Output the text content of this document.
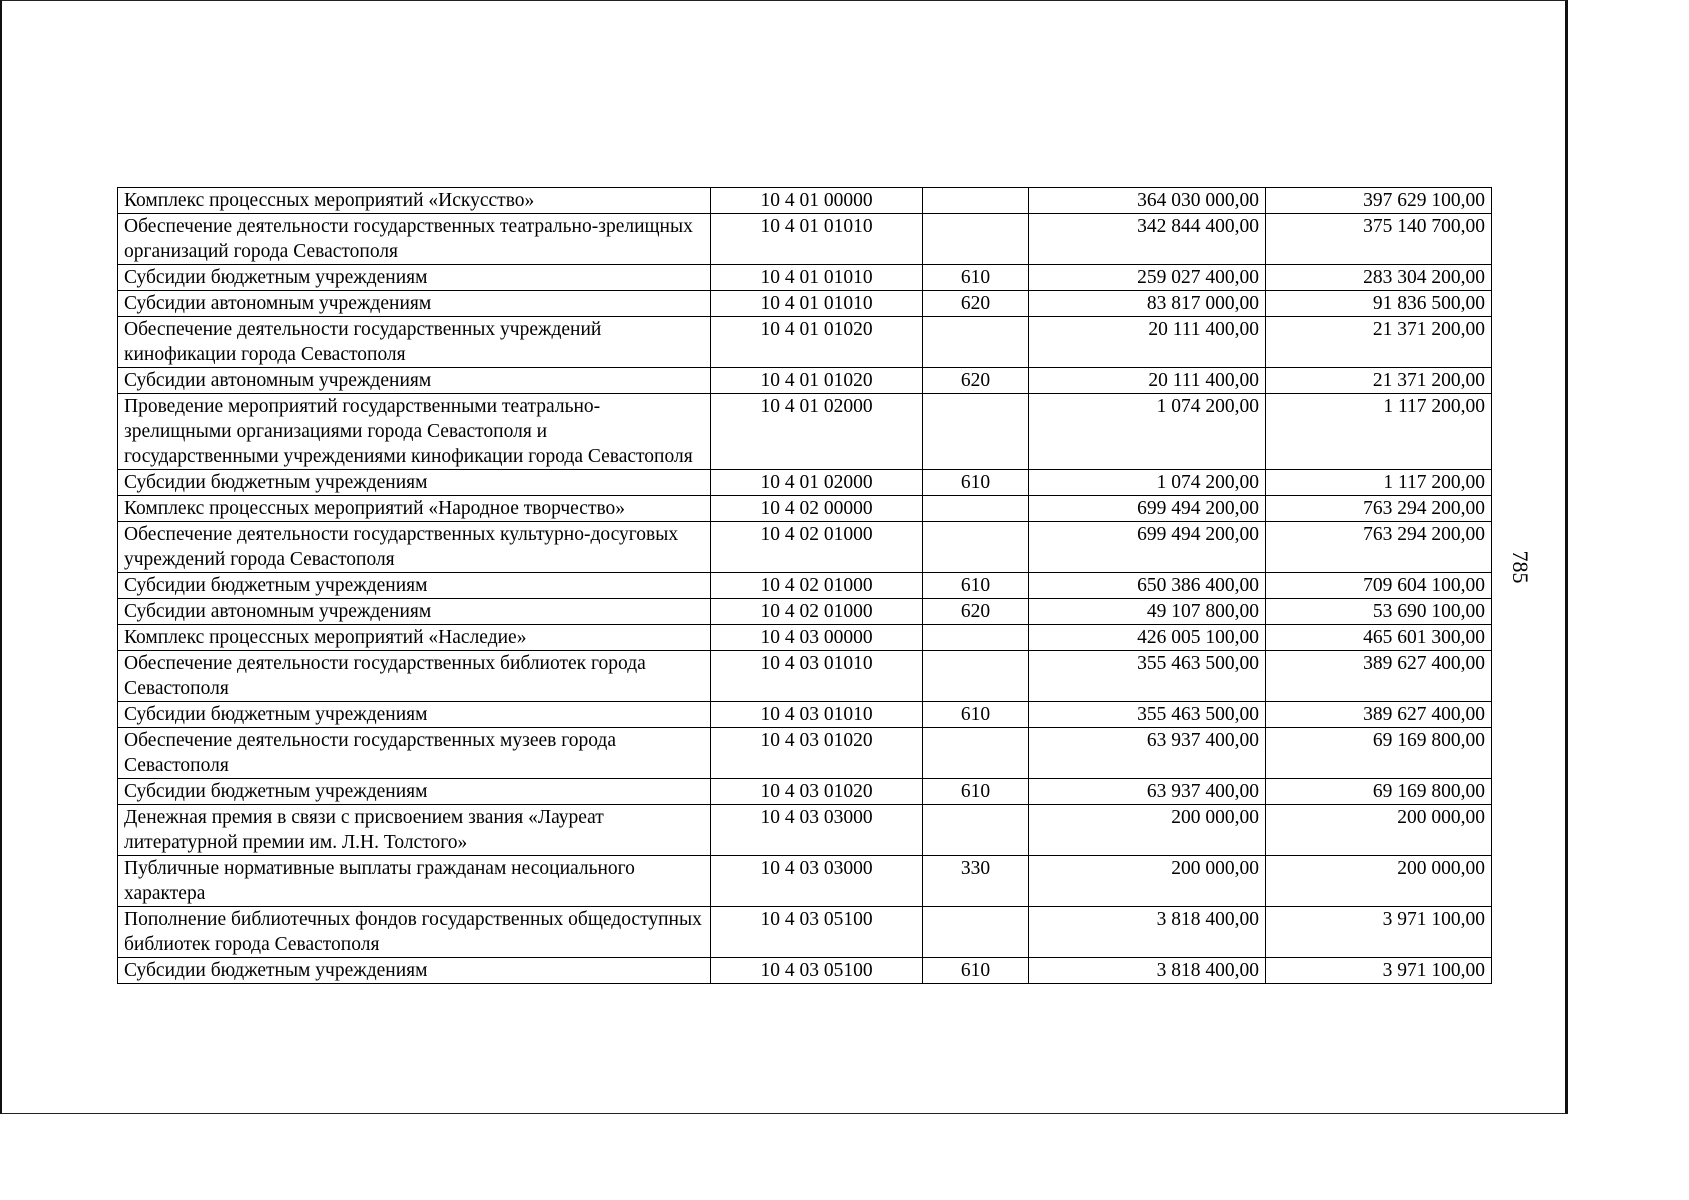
Комплекс процессных мероприятий «Искусство»	10 4 01 00000		364 030 000,00	397 629 100,00
Обеспечение деятельности государственных театрально-зрелищных организаций города Севастополя	10 4 01 01010		342 844 400,00	375 140 700,00
Субсидии бюджетным учреждениям	10 4 01 01010	610	259 027 400,00	283 304 200,00
Субсидии автономным учреждениям	10 4 01 01010	620	83 817 000,00	91 836 500,00
Обеспечение деятельности государственных учреждений кинофикации города Севастополя	10 4 01 01020		20 111 400,00	21 371 200,00
Субсидии автономным учреждениям	10 4 01 01020	620	20 111 400,00	21 371 200,00
Проведение мероприятий государственными театрально-зрелищными организациями города Севастополя и государственными учреждениями кинофикации города Севастополя	10 4 01 02000		1 074 200,00	1 117 200,00
Субсидии бюджетным учреждениям	10 4 01 02000	610	1 074 200,00	1 117 200,00
Комплекс процессных мероприятий «Народное творчество»	10 4 02 00000		699 494 200,00	763 294 200,00
Обеспечение деятельности государственных культурно-досуговых учреждений города Севастополя	10 4 02 01000		699 494 200,00	763 294 200,00
Субсидии бюджетным учреждениям	10 4 02 01000	610	650 386 400,00	709 604 100,00
Субсидии автономным учреждениям	10 4 02 01000	620	49 107 800,00	53 690 100,00
Комплекс процессных мероприятий «Наследие»	10 4 03 00000		426 005 100,00	465 601 300,00
Обеспечение деятельности государственных библиотек города Севастополя	10 4 03 01010		355 463 500,00	389 627 400,00
Субсидии бюджетным учреждениям	10 4 03 01010	610	355 463 500,00	389 627 400,00
Обеспечение деятельности государственных музеев города Севастополя	10 4 03 01020		63 937 400,00	69 169 800,00
Субсидии бюджетным учреждениям	10 4 03 01020	610	63 937 400,00	69 169 800,00
Денежная премия в связи с присвоением звания «Лауреат литературной премии им. Л.Н. Толстого»	10 4 03 03000		200 000,00	200 000,00
Публичные нормативные выплаты гражданам несоциального характера	10 4 03 03000	330	200 000,00	200 000,00
Пополнение библиотечных фондов государственных общедоступных библиотек города Севастополя	10 4 03 05100		3 818 400,00	3 971 100,00
Субсидии бюджетным учреждениям	10 4 03 05100	610	3 818 400,00	3 971 100,00
785
